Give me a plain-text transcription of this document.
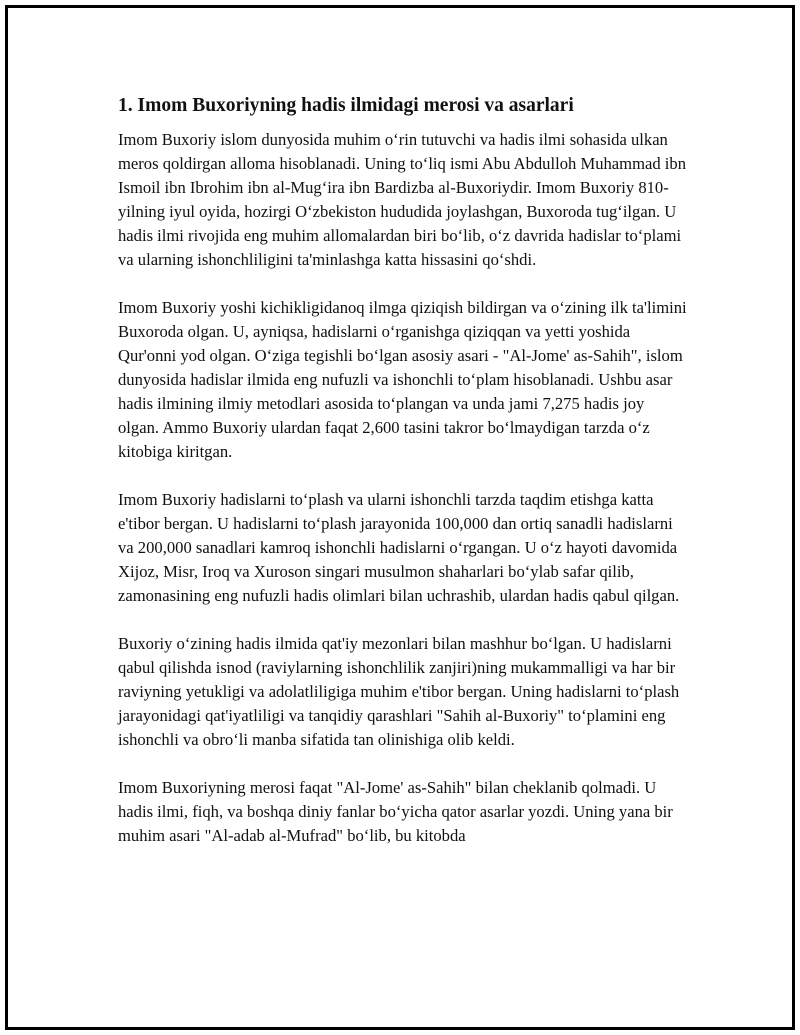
1. Imom Buxoriyning hadis ilmidagi merosi va asarlari

Imom Buxoriy islom dunyosida muhim oʻrin tutuvchi va hadis ilmi sohasida ulkan meros qoldirgan alloma hisoblanadi. Uning toʻliq ismi Abu Abdulloh Muhammad ibn Ismoil ibn Ibrohim ibn al-Mugʻira ibn Bardizba al-Buxoriydir. Imom Buxoriy 810-yilning iyul oyida, hozirgi Oʻzbekiston hududida joylashgan, Buxoroda tugʻilgan. U hadis ilmi rivojida eng muhim allomalardan biri boʻlib, oʻz davrida hadislar toʻplami va ularning ishonchliligini ta'minlashga katta hissasini qoʻshdi.

Imom Buxoriy yoshi kichikligidanoq ilmga qiziqish bildirgan va oʻzining ilk ta'limini Buxoroda olgan. U, ayniqsa, hadislarni oʻrganishga qiziqqan va yetti yoshida Qur'onni yod olgan. Oʻziga tegishli boʻlgan asosiy asari - "Al-Jome' as-Sahih", islom dunyosida hadislar ilmida eng nufuzli va ishonchli toʻplam hisoblanadi. Ushbu asar hadis ilmining ilmiy metodlari asosida toʻplangan va unda jami 7,275 hadis joy olgan. Ammo Buxoriy ulardan faqat 2,600 tasini takror boʻlmaydigan tarzda oʻz kitobiga kiritgan.

Imom Buxoriy hadislarni toʻplash va ularni ishonchli tarzda taqdim etishga katta e'tibor bergan. U hadislarni toʻplash jarayonida 100,000 dan ortiq sanadli hadislarni va 200,000 sanadlari kamroq ishonchli hadislarni oʻrgangan. U oʻz hayoti davomida Xijoz, Misr, Iroq va Xuroson singari musulmon shaharlari boʻylab safar qilib, zamonasining eng nufuzli hadis olimlari bilan uchrashib, ulardan hadis qabul qilgan.

Buxoriy oʻzining hadis ilmida qat'iy mezonlari bilan mashhur boʻlgan. U hadislarni qabul qilishda isnod (raviylarning ishonchlilik zanjiri)ning mukammalligi va har bir raviyning yetukligi va adolatliligiga muhim e'tibor bergan. Uning hadislarni toʻplash jarayonidagi qat'iyatliligi va tanqidiy qarashlari "Sahih al-Buxoriy" toʻplamini eng ishonchli va obroʻli manba sifatida tan olinishiga olib keldi.

Imom Buxoriyning merosi faqat "Al-Jome' as-Sahih" bilan cheklanib qolmadi. U hadis ilmi, fiqh, va boshqa diniy fanlar boʻyicha qator asarlar yozdi. Uning yana bir muhim asari "Al-adab al-Mufrad" boʻlib, bu kitobda
